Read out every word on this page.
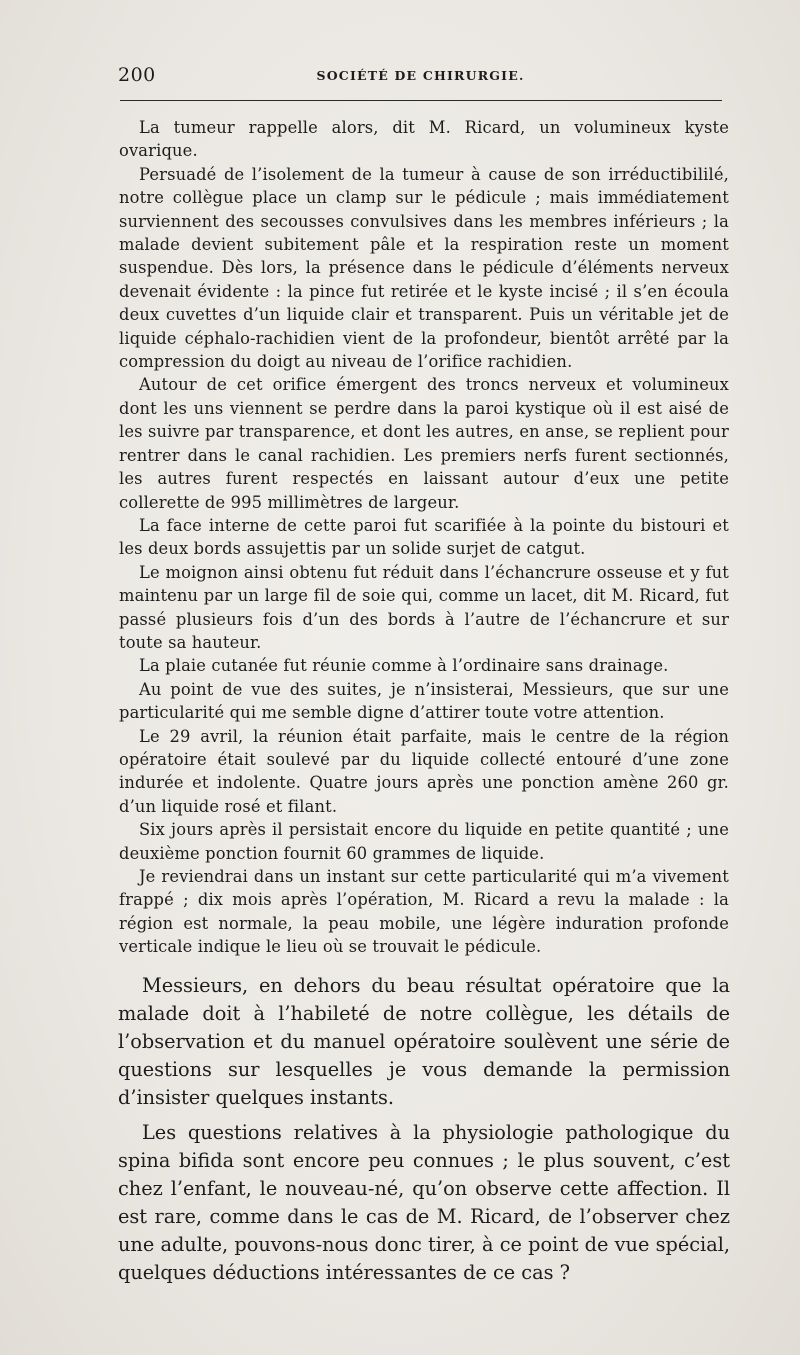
200	SOCIÉTÉ DE CHIRURGIE.

La tumeur rappelle alors, dit M. Ricard, un volumineux kyste ovarique.

Persuadé de l’isolement de la tumeur à cause de son irréductibililé, notre collègue place un clamp sur le pédicule ; mais immédiatement surviennent des secousses convulsives dans les membres inférieurs ; la malade devient subitement pâle et la respiration reste un moment suspendue. Dès lors, la présence dans le pédicule d’éléments nerveux devenait évidente : la pince fut retirée et le kyste incisé ; il s’en écoula deux cuvettes d’un liquide clair et transparent. Puis un véritable jet de liquide céphalo-rachidien vient de la profondeur, bientôt arrêté par la compression du doigt au niveau de l’orifice rachidien.

Autour de cet orifice émergent des troncs nerveux et volumineux dont les uns viennent se perdre dans la paroi kystique où il est aisé de les suivre par transparence, et dont les autres, en anse, se replient pour rentrer dans le canal rachidien. Les premiers nerfs furent sectionnés, les autres furent respectés en laissant autour d’eux une petite collerette de 995 millimètres de largeur.

La face interne de cette paroi fut scarifiée à la pointe du bistouri et les deux bords assujettis par un solide surjet de catgut.

Le moignon ainsi obtenu fut réduit dans l’échancrure osseuse et y fut maintenu par un large fil de soie qui, comme un lacet, dit M. Ricard, fut passé plusieurs fois d’un des bords à l’autre de l’échancrure et sur toute sa hauteur.

La plaie cutanée fut réunie comme à l’ordinaire sans drainage.

Au point de vue des suites, je n’insisterai, Messieurs, que sur une particularité qui me semble digne d’attirer toute votre attention.

Le 29 avril, la réunion était parfaite, mais le centre de la région opératoire était soulevé par du liquide collecté entouré d’une zone indurée et indolente. Quatre jours après une ponction amène 260 gr. d’un liquide rosé et filant.

Six jours après il persistait encore du liquide en petite quantité ; une deuxième ponction fournit 60 grammes de liquide.

Je reviendrai dans un instant sur cette particularité qui m’a vivement frappé ; dix mois après l’opération, M. Ricard a revu la malade : la région est normale, la peau mobile, une légère induration profonde verticale indique le lieu où se trouvait le pédicule.

Messieurs, en dehors du beau résultat opératoire que la malade doit à l’habileté de notre collègue, les détails de l’observation et du manuel opératoire soulèvent une série de questions sur lesquelles je vous demande la permission d’insister quelques instants.

Les questions relatives à la physiologie pathologique du spina bifida sont encore peu connues ; le plus souvent, c’est chez l’enfant, le nouveau-né, qu’on observe cette affection. Il est rare, comme dans le cas de M. Ricard, de l’observer chez une adulte, pouvons-nous donc tirer, à ce point de vue spécial, quelques déductions intéressantes de ce cas ?
